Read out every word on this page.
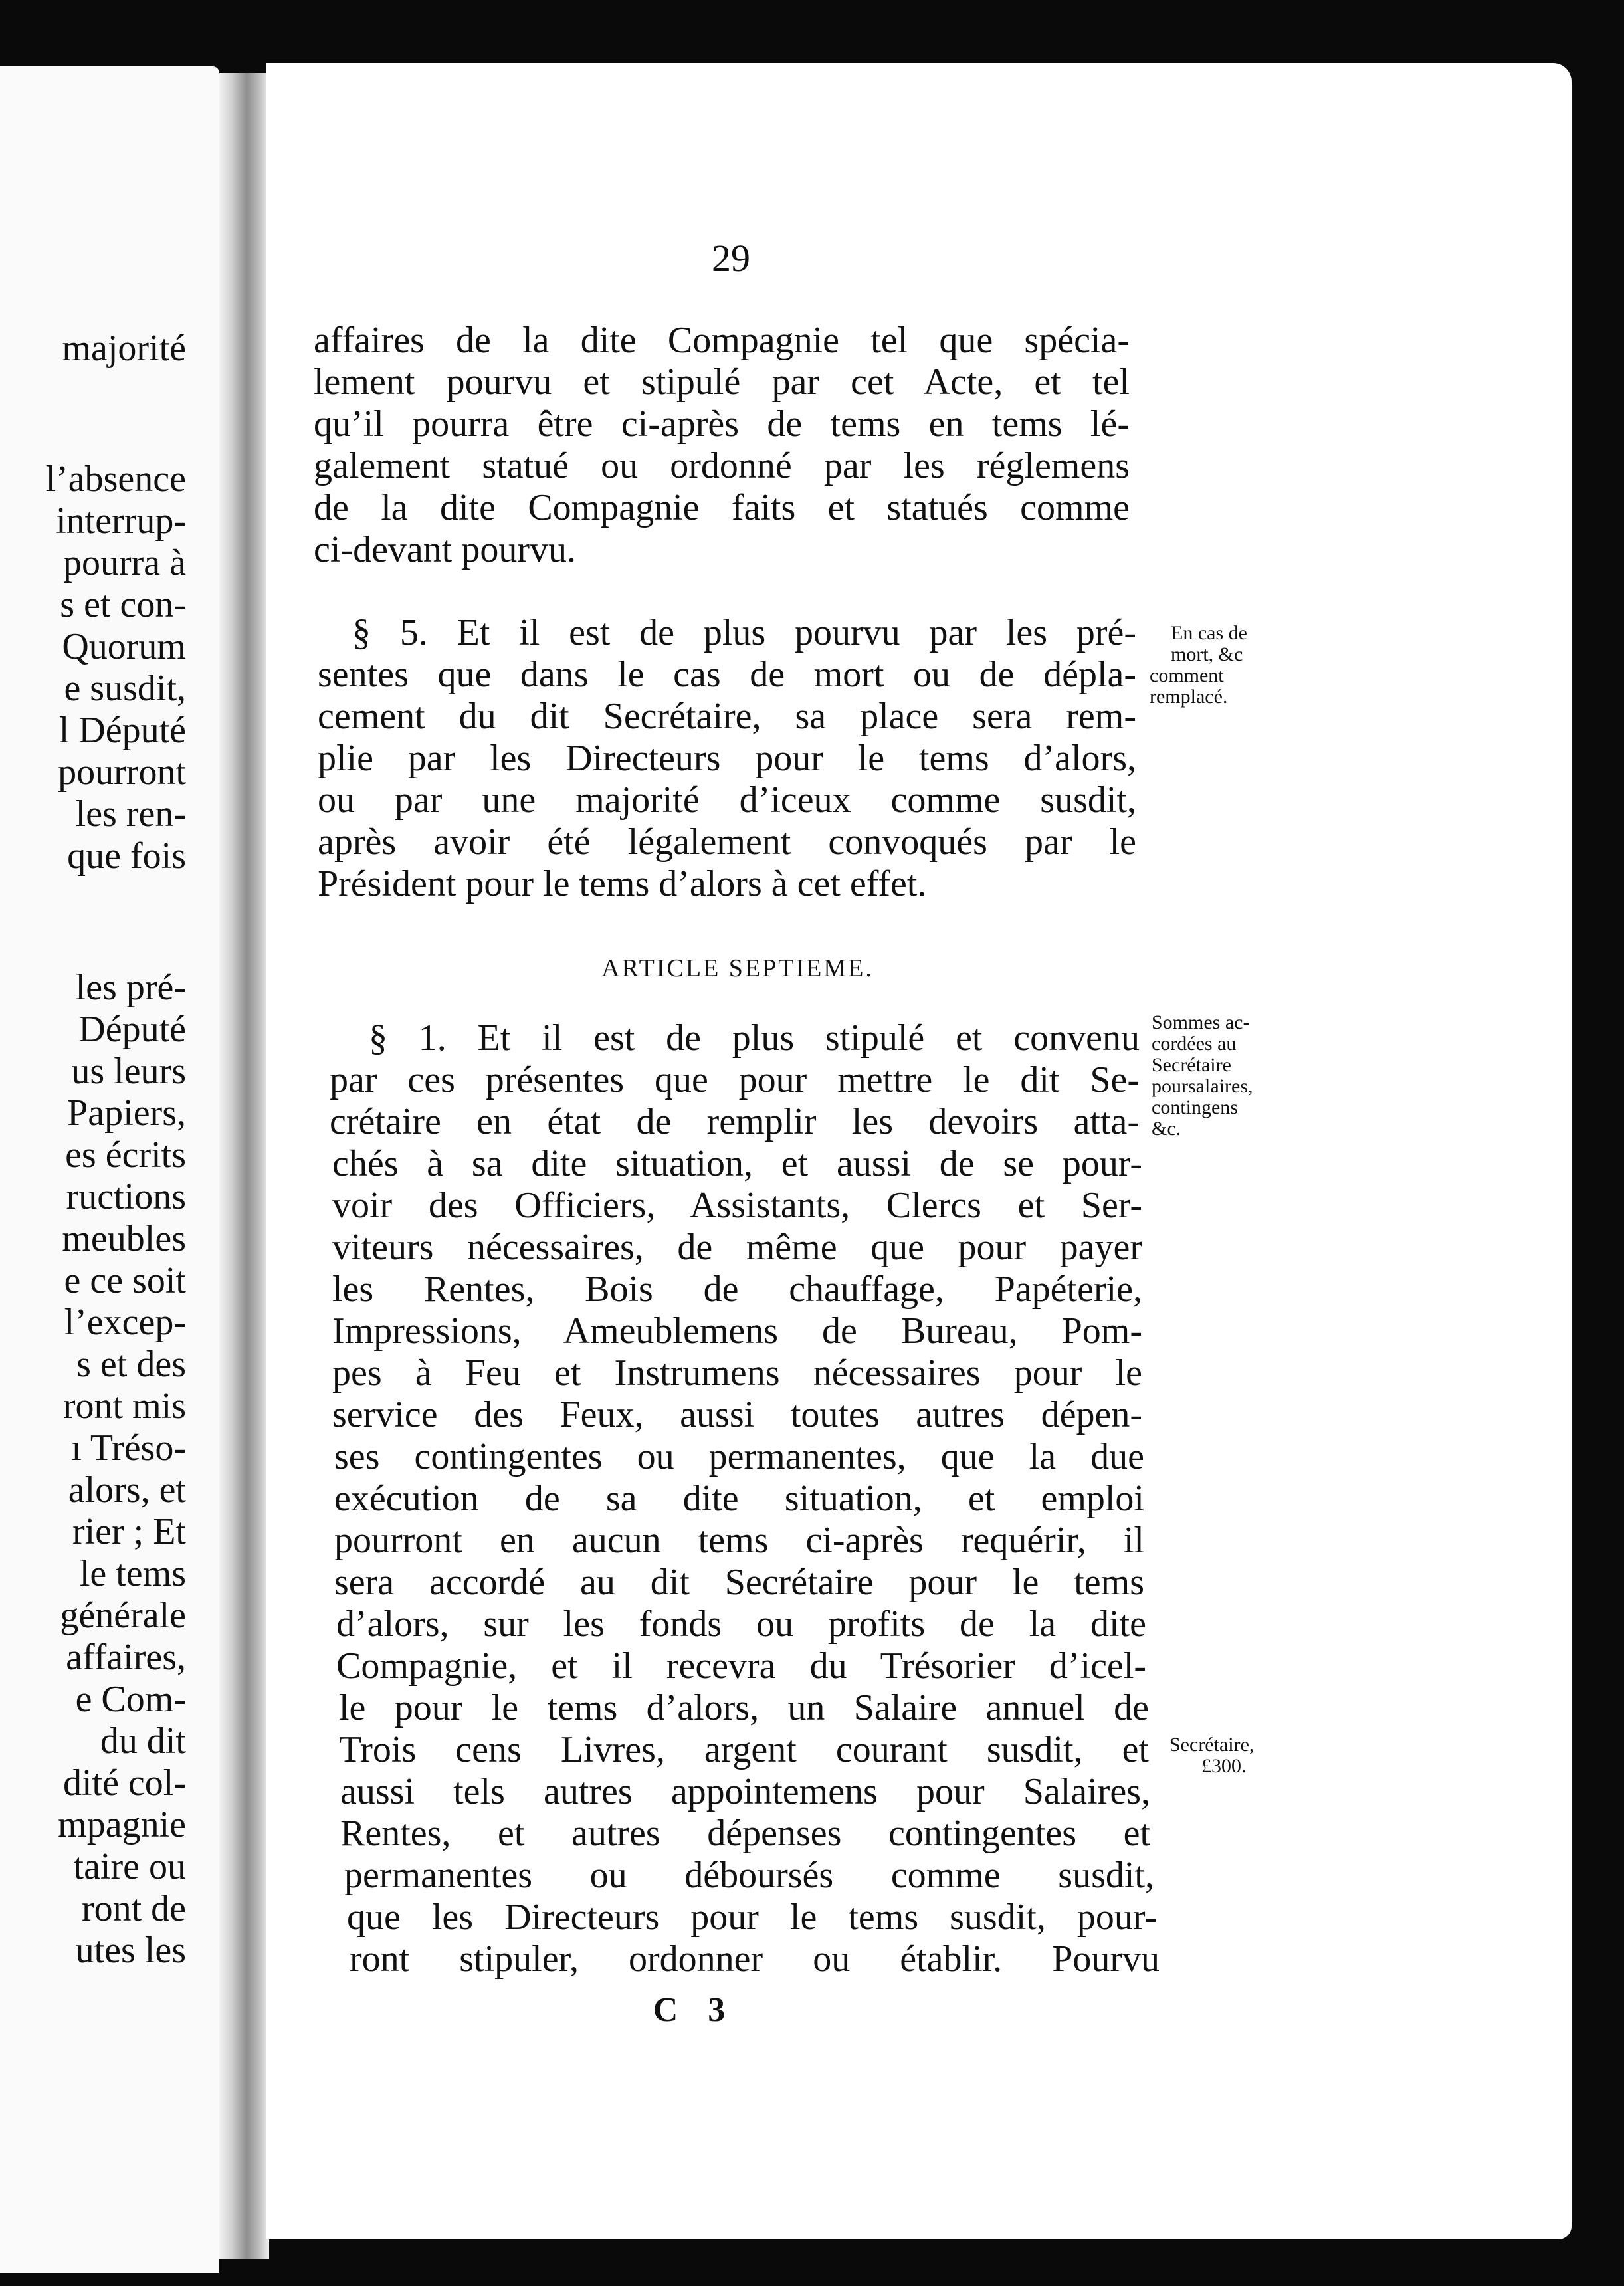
majorité
l’absence
interrup-
pourra à
s et con-
Quorum
e susdit,
l Député
pourront
les ren-
que fois
les pré-
Député
us leurs
Papiers,
es écrits
ructions
meubles
e ce soit
l’excep-
s et des
ront mis
ı Tréso-
alors, et
rier ; Et
le tems
générale
affaires,
e Com-
du dit
dité col-
mpagnie
taire ou
ront de
utes les
29
affaires de la dite Compagnie tel que spécia-
lement pourvu et stipulé par cet Acte, et tel
qu’il pourra être ci-après de tems en tems lé-
galement statué ou ordonné par les réglemens
de la dite Compagnie faits et statués comme
ci-devant pourvu.
§ 5. Et il est de plus pourvu par les pré-
sentes que dans le cas de mort ou de dépla-
cement du dit Secrétaire, sa place sera rem-
plie par les Directeurs pour le tems d’alors,
ou par une majorité d’iceux comme susdit,
après avoir été légalement convoqués par le
Président pour le tems d’alors à cet effet.
En cas de
mort, &c
comment
remplacé.
ARTICLE SEPTIEME.
§ 1. Et il est de plus stipulé et convenu
par ces présentes que pour mettre le dit Se-
crétaire en état de remplir les devoirs atta-
chés à sa dite situation, et aussi de se pour-
voir des Officiers, Assistants, Clercs et Ser-
viteurs nécessaires, de même que pour payer
les Rentes, Bois de chauffage, Papéterie,
Impressions, Ameublemens de Bureau, Pom-
pes à Feu et Instrumens nécessaires pour le
service des Feux, aussi toutes autres dépen-
ses contingentes ou permanentes, que la due
exécution de sa dite situation, et emploi
pourront en aucun tems ci-après requérir, il
sera accordé au dit Secrétaire pour le tems
d’alors, sur les fonds ou profits de la dite
Compagnie, et il recevra du Trésorier d’icel-
le pour le tems d’alors, un Salaire annuel de
Trois cens Livres, argent courant susdit, et
aussi tels autres appointemens pour Salaires,
Rentes, et autres dépenses contingentes et
permanentes ou déboursés comme susdit,
que les Directeurs pour le tems susdit, pour-
ront stipuler, ordonner ou établir. Pourvu
Sommes ac-
cordées au
Secrétaire
poursalaires,
contingens
&c.
Secrétaire,
£300.
C 3
